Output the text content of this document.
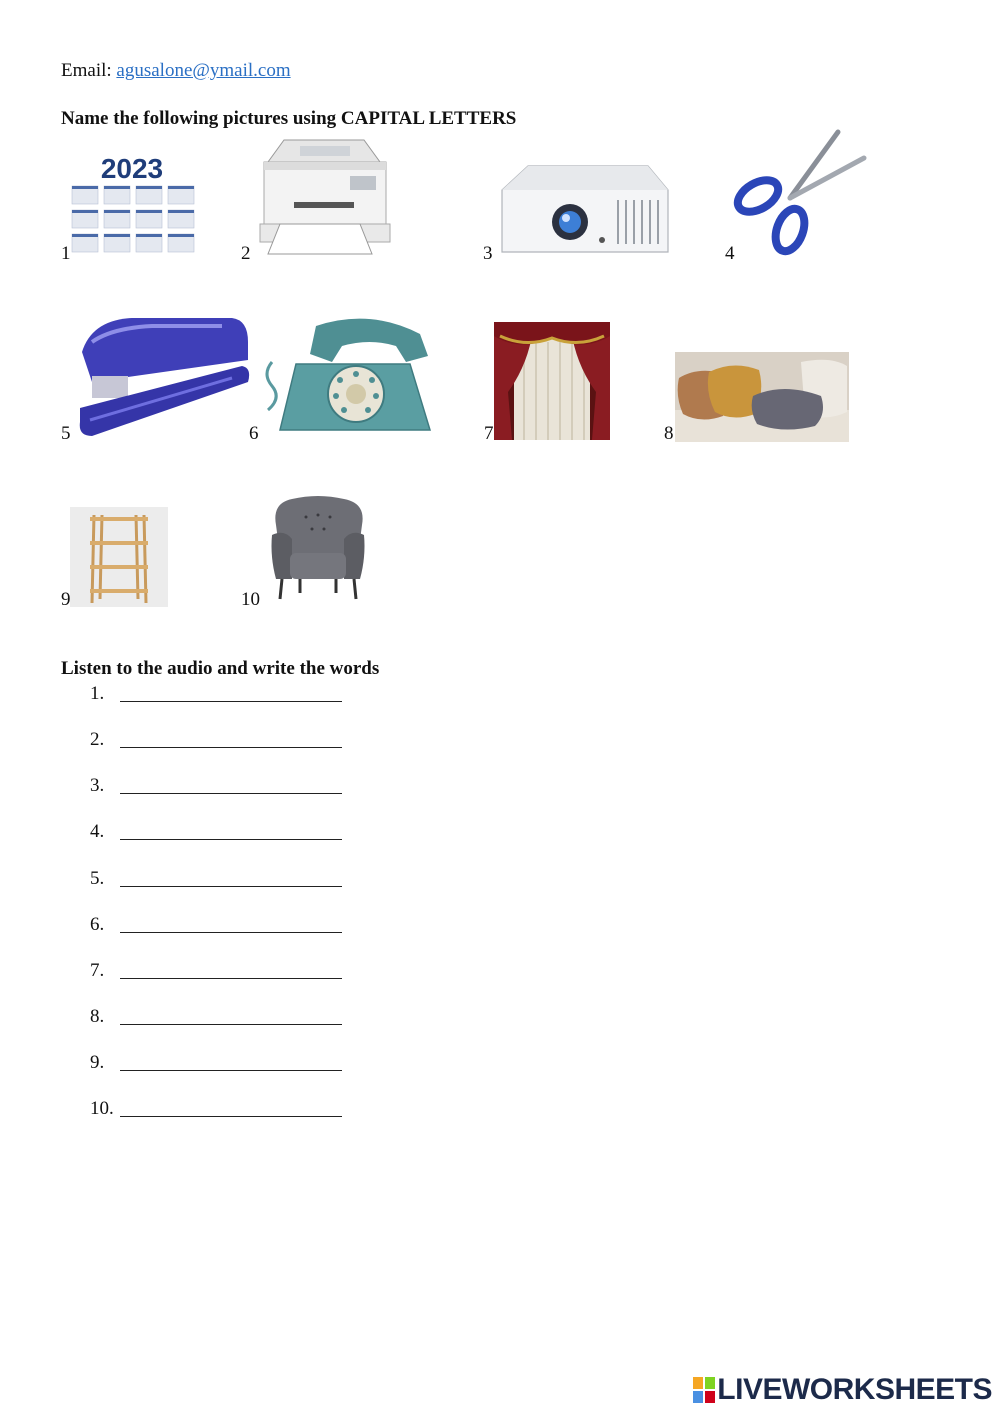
Email: agusalone@ymail.com
Name the following pictures using CAPITAL LETTERS
2023
1	2	3	4
5	6	7	8
9	10
Listen to the audio and write the words
1.
2.
3.
4.
5.
6.
7.
8.
9.
10.
LIVEWORKSHEETS
